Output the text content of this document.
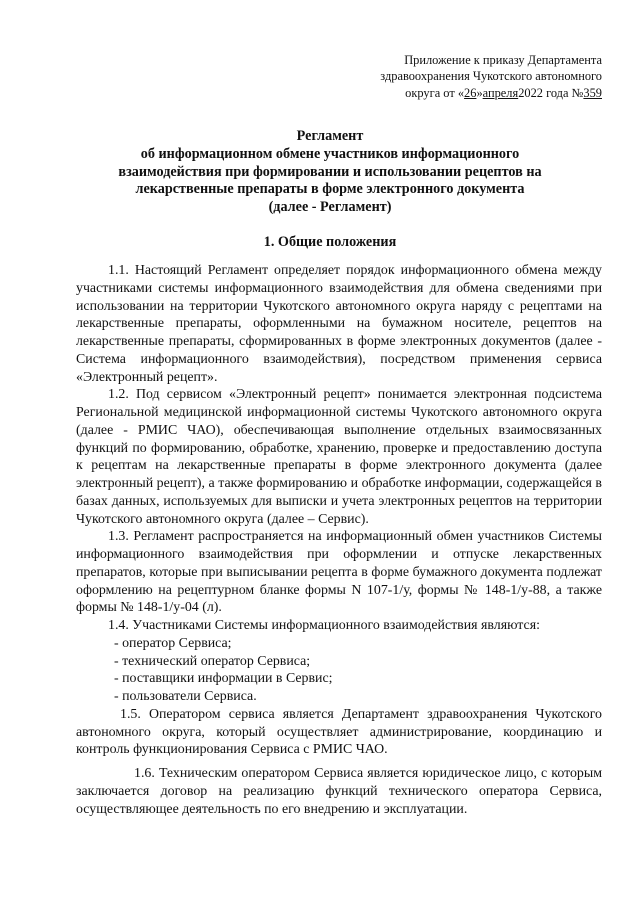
Приложение к приказу Департамента
здравоохранения Чукотского автономного
округа от «26»апреля2022 года №359
Регламент
об информационном обмене участников информационного
взаимодействия при формировании и использовании рецептов на
лекарственные препараты в форме электронного документа
(далее - Регламент)
1. Общие положения

1.1. Настоящий Регламент определяет порядок информационного обмена между участниками системы информационного взаимодействия для обмена сведениями при использовании на территории Чукотского автономного округа наряду с рецептами на лекарственные препараты, оформленными на бумажном носителе, рецептов на лекарственные препараты, сформированных в форме электронных документов (далее - Система информационного взаимодействия), посредством применения сервиса «Электронный рецепт».

1.2. Под сервисом «Электронный рецепт» понимается электронная подсистема Региональной медицинской информационной системы Чукотского автономного округа (далее - РМИС ЧАО), обеспечивающая выполнение отдельных взаимосвязанных функций по формированию, обработке, хранению, проверке и предоставлению доступа к рецептам на лекарственные препараты в форме электронного документа (далее электронный рецепт), а также формированию и обработке информации, содержащейся в базах данных, используемых для выписки и учета электронных рецептов на территории Чукотского автономного округа (далее – Сервис).

1.3. Регламент распространяется на информационный обмен участников Системы информационного взаимодействия при оформлении и отпуске лекарственных препаратов, которые при выписывании рецепта в форме бумажного документа подлежат оформлению на рецептурном бланке формы N 107-1/у, формы № 148-1/у-88, а также формы № 148-1/у-04 (л).

1.4. Участниками Системы информационного взаимодействия являются:

- оператор Сервиса;

- технический оператор Сервиса;

- поставщики информации в Сервис;

- пользователи Сервиса.

1.5. Оператором сервиса является Департамент здравоохранения Чукотского автономного округа, который осуществляет администрирование, координацию и контроль функционирования Сервиса с РМИС ЧАО.

1.6. Техническим оператором Сервиса является юридическое лицо, с которым заключается договор на реализацию функций технического оператора Сервиса, осуществляющее деятельность по его внедрению и эксплуатации.
